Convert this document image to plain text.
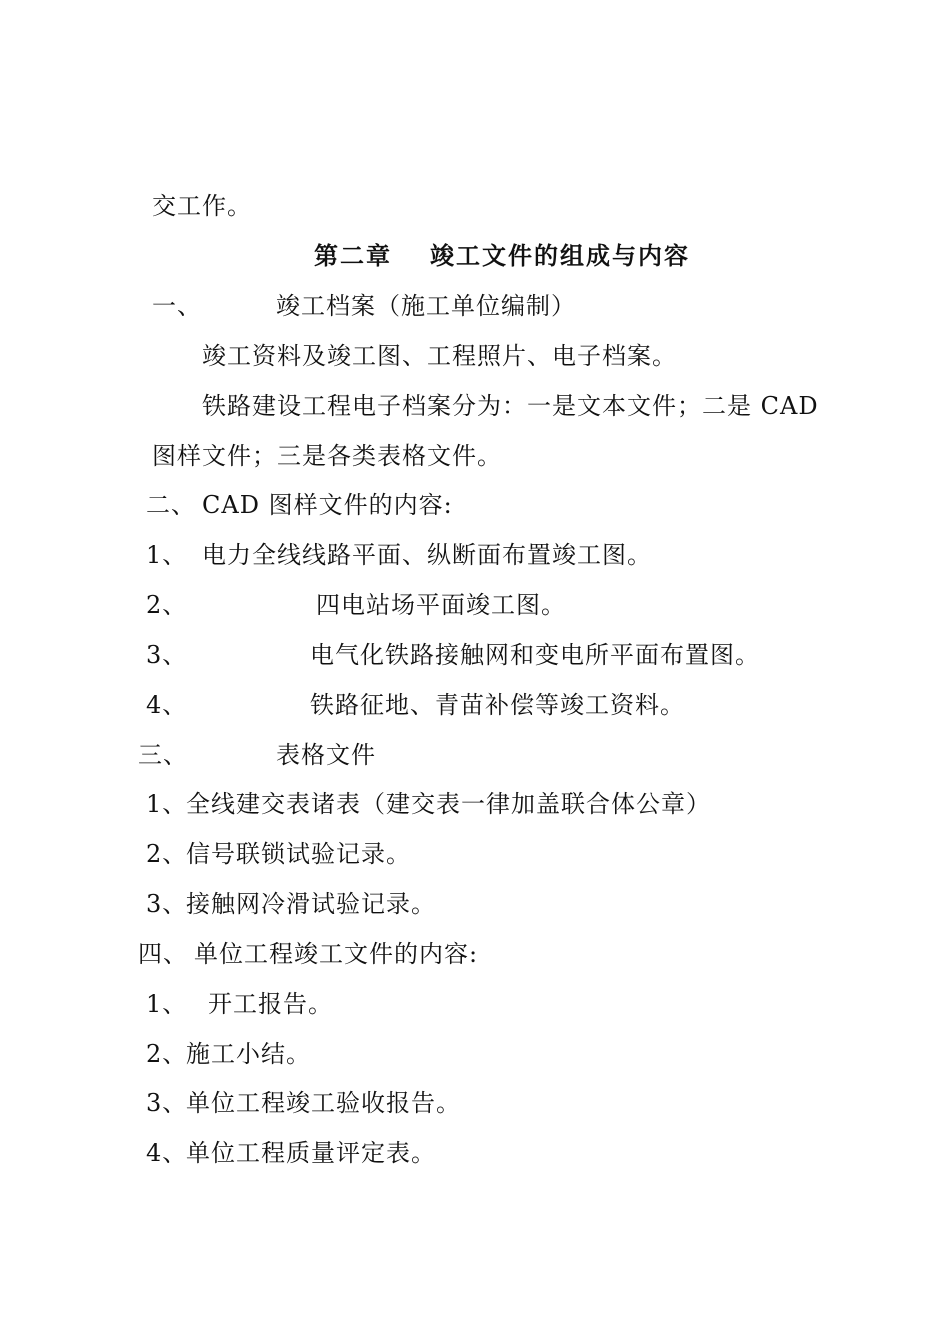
交工作。
第二章 竣工文件的组成与内容
一、	竣工档案（施工单位编制）
竣工资料及竣工图、工程照片、电子档案。
铁路建设工程电子档案分为：一是文本文件；二是 CAD
图样文件；三是各类表格文件。
二、 CAD 图样文件的内容:
1、 电力全线线路平面、纵断面布置竣工图。
2、	四电站场平面竣工图。
3、	电气化铁路接触网和变电所平面布置图。
4、	铁路征地、青苗补偿等竣工资料。
三、	表格文件
1、
全线建交表诸表（建交表一律加盖联合体公章）
2、
信号联锁试验记录。
3、
接触网冷滑试验记录。
四、 单位工程竣工文件的内容:
1、 开工报告。
2、
施工小结。
3、
单位工程竣工验收报告。
4、
单位工程质量评定表。
